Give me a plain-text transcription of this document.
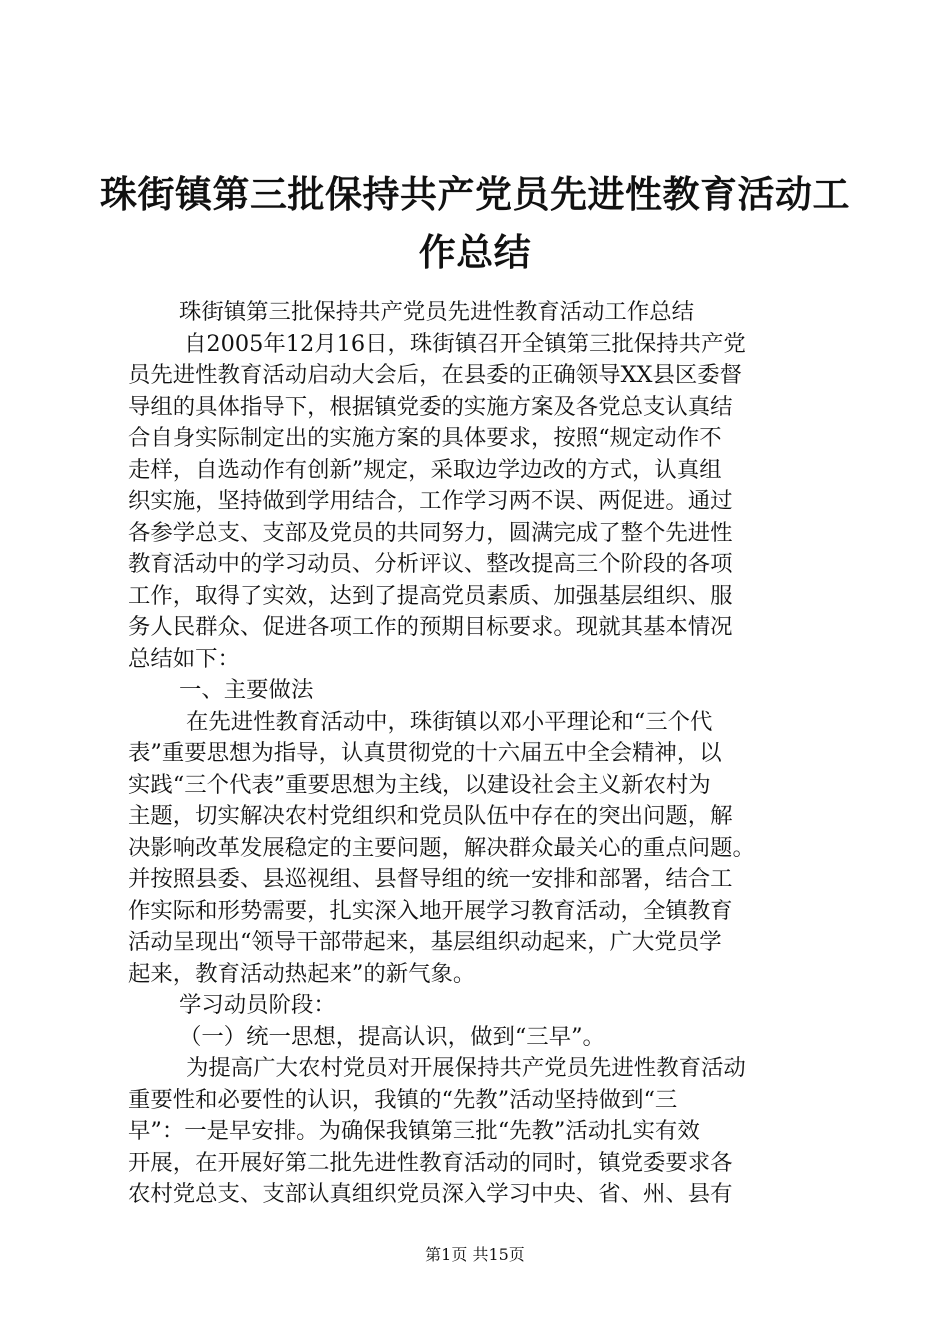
珠街镇第三批保持共产党员先进性教育活动工
作总结
珠街镇第三批保持共产党员先进性教育活动工作总结
自2005年12月16日，珠街镇召开全镇第三批保持共产党
员先进性教育活动启动大会后，在县委的正确领导XX县区委督
导组的具体指导下，根据镇党委的实施方案及各党总支认真结
合自身实际制定出的实施方案的具体要求，按照“规定动作不
走样，自选动作有创新”规定，采取边学边改的方式，认真组
织实施，坚持做到学用结合，工作学习两不误、两促进。通过
各参学总支、支部及党员的共同努力，圆满完成了整个先进性
教育活动中的学习动员、分析评议、整改提高三个阶段的各项
工作，取得了实效，达到了提高党员素质、加强基层组织、服
务人民群众、促进各项工作的预期目标要求。现就其基本情况
总结如下：
一、主要做法
在先进性教育活动中，珠街镇以邓小平理论和“三个代
表”重要思想为指导，认真贯彻党的十六届五中全会精神，以
实践“三个代表”重要思想为主线，以建设社会主义新农村为
主题，切实解决农村党组织和党员队伍中存在的突出问题，解
决影响改革发展稳定的主要问题，解决群众最关心的重点问题。
并按照县委、县巡视组、县督导组的统一安排和部署，结合工
作实际和形势需要，扎实深入地开展学习教育活动，全镇教育
活动呈现出“领导干部带起来，基层组织动起来，广大党员学
起来，教育活动热起来”的新气象。
学习动员阶段：
（一）统一思想，提高认识，做到“三早”。
为提高广大农村党员对开展保持共产党员先进性教育活动
重要性和必要性的认识，我镇的“先教”活动坚持做到“三
早”：一是早安排。为确保我镇第三批“先教”活动扎实有效
开展，在开展好第二批先进性教育活动的同时，镇党委要求各
农村党总支、支部认真组织党员深入学习中央、省、州、县有
第1页 共15页
